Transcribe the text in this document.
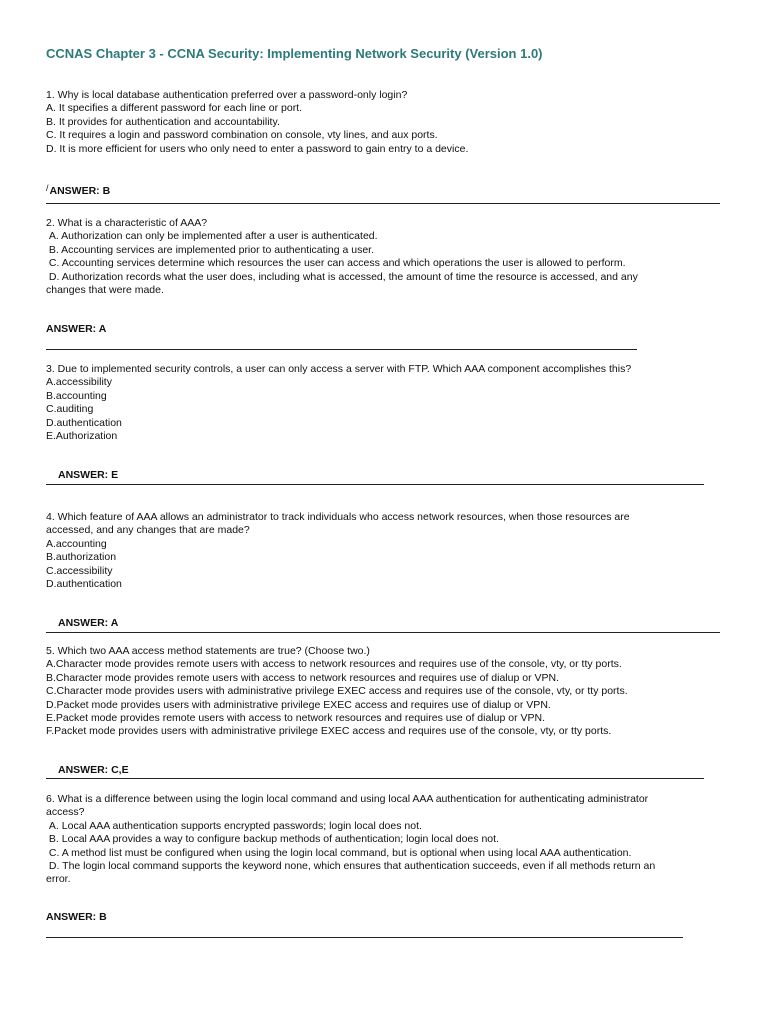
CCNAS Chapter 3 - CCNA Security: Implementing Network Security (Version 1.0)
1. Why is local database authentication preferred over a password-only login?
A. It specifies a different password for each line or port.
B. It provides for authentication and accountability.
C. It requires a login and password combination on console, vty lines, and aux ports.
D. It is more efficient for users who only need to enter a password to gain entry to a device.
/ANSWER: B
2. What is a characteristic of AAA?
A. Authorization can only be implemented after a user is authenticated.
B. Accounting services are implemented prior to authenticating a user.
C. Accounting services determine which resources the user can access and which operations the user is allowed to perform.
D. Authorization records what the user does, including what is accessed, the amount of time the resource is accessed, and any
changes that were made.
ANSWER: A
3. Due to implemented security controls, a user can only access a server with FTP. Which AAA component accomplishes this?
A.accessibility
B.accounting
C.auditing
D.authentication
E.Authorization
ANSWER: E
4. Which feature of AAA allows an administrator to track individuals who access network resources, when those resources are
accessed, and any changes that are made?
A.accounting
B.authorization
C.accessibility
D.authentication
ANSWER: A
5. Which two AAA access method statements are true? (Choose two.)
A.Character mode provides remote users with access to network resources and requires use of the console, vty, or tty ports.
B.Character mode provides remote users with access to network resources and requires use of dialup or VPN.
C.Character mode provides users with administrative privilege EXEC access and requires use of the console, vty, or tty ports.
D.Packet mode provides users with administrative privilege EXEC access and requires use of dialup or VPN.
E.Packet mode provides remote users with access to network resources and requires use of dialup or VPN.
F.Packet mode provides users with administrative privilege EXEC access and requires use of the console, vty, or tty ports.
ANSWER: C,E
6. What is a difference between using the login local command and using local AAA authentication for authenticating administrator
access?
A. Local AAA authentication supports encrypted passwords; login local does not.
B. Local AAA provides a way to configure backup methods of authentication; login local does not.
C. A method list must be configured when using the login local command, but is optional when using local AAA authentication.
D. The login local command supports the keyword none, which ensures that authentication succeeds, even if all methods return an
error.
ANSWER: B
